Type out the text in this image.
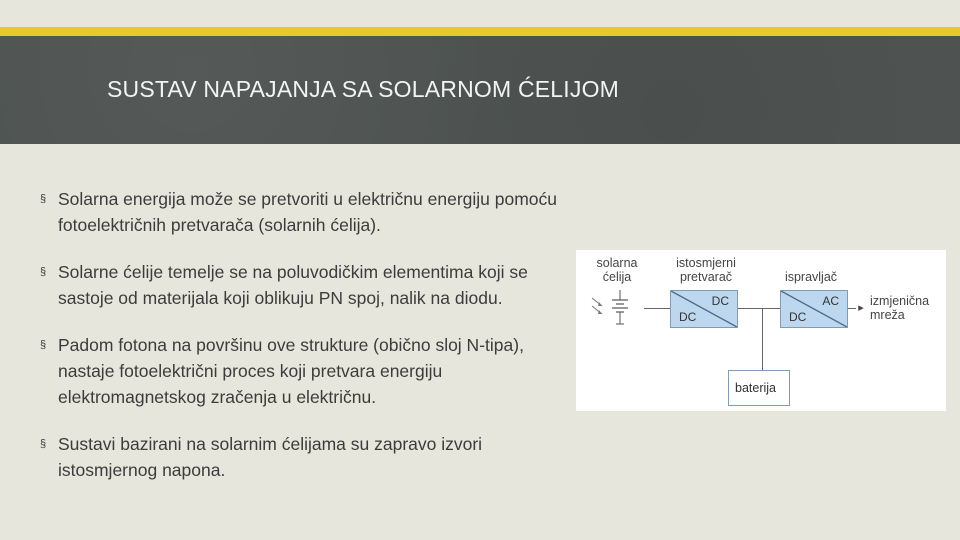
SUSTAV NAPAJANJA SA SOLARNOM ĆELIJOM
§ Solarna energija može se pretvoriti u električnu energiju pomoću fotoelektričnih pretvarača (solarnih ćelija).
§ Solarne ćelije temelje se na poluvodičkim elementima koji se sastoje od materijala koji oblikuju PN spoj, nalik na diodu.
§ Padom fotona na površinu ove strukture (obično sloj N-tipa), nastaje fotoelektrični proces koji pretvara energiju elektromagnetskog zračenja u električnu.
§ Sustavi bazirani na solarnim ćelijama su zapravo izvori istosmjernog napona.
solarna
ćelija
istosmjerni
pretvarač	ispravljač
izmjenična
mreža
▸
DC
DC
AC
DC
baterija
